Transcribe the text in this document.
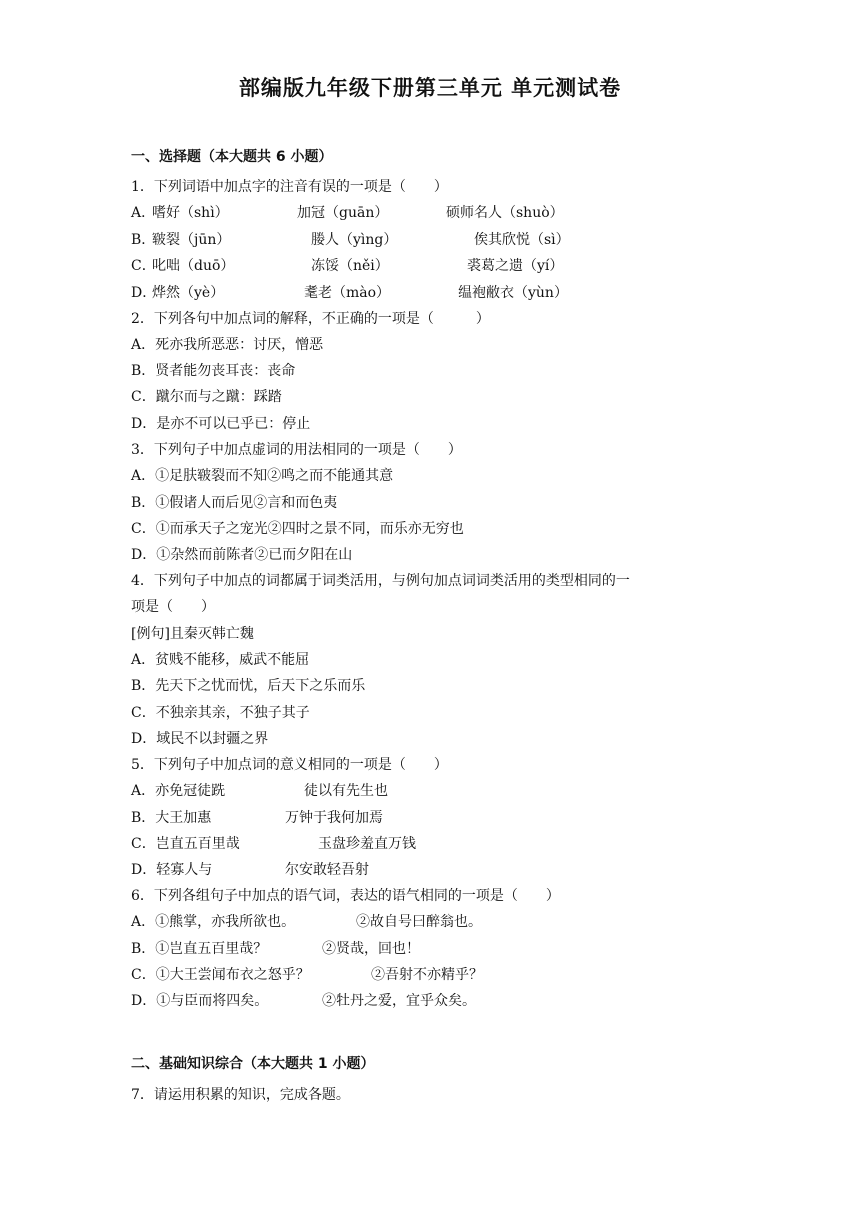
部编版九年级下册第三单元 单元测试卷
一、选择题（本大题共 6 小题）
1．下列词语中加点字的注音有误的一项是（　　）
A．
嗜好（shì）	加冠（guān）	硕师名人（shuò）
B．
皲裂（jūn）	媵人（yìng）	俟其欣悦（sì）
C．
叱咄（duō）	冻馁（něi）	裘葛之遗（yí）
D．
烨然（yè）	耄老（mào）	缊袍敝衣（yùn）
2．下列各句中加点词的解释，不正确的一项是（　　　）
A．死亦我所恶恶：讨厌，憎恶
B．贤者能勿丧耳丧：丧命
C．蹴尔而与之蹴：踩踏
D．是亦不可以已乎已：停止
3．下列句子中加点虚词的用法相同的一项是（　　）
A．①足肤皲裂而不知②鸣之而不能通其意
B．①假诸人而后见②言和而色夷
C．①而承天子之宠光②四时之景不同，而乐亦无穷也
D．①杂然而前陈者②已而夕阳在山
4．下列句子中加点的词都属于词类活用，与例句加点词词类活用的类型相同的一
项是（　　）
[例句]且秦灭韩亡魏
A．贫贱不能移，威武不能屈
B．先天下之忧而忧，后天下之乐而乐
C．不独亲其亲，不独子其子
D．域民不以封疆之界
5．下列句子中加点词的意义相同的一项是（　　）
A．亦免冠徒跣	徒以有先生也
B．大王加惠	万钟于我何加焉
C．岂直五百里哉	玉盘珍羞直万钱
D．轻寡人与	尔安敢轻吾射
6．下列各组句子中加点的语气词，表达的语气相同的一项是（　　）
A．①熊掌，亦我所欲也。	②故自号曰醉翁也。
B．①岂直五百里哉？	②贤哉，回也！
C．①大王尝闻布衣之怒乎？	②吾射不亦精乎？
D．①与臣而将四矣。	②牡丹之爱，宜乎众矣。
二、基础知识综合（本大题共 1 小题）
7．请运用积累的知识，完成各题。
